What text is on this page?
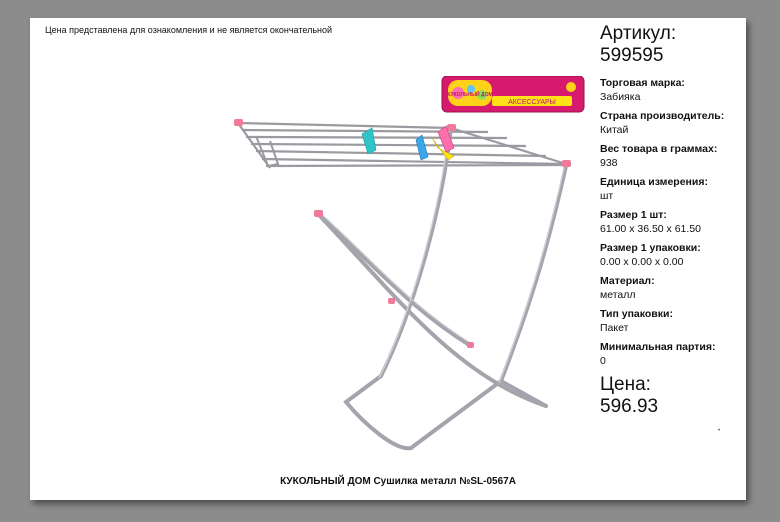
Цена представлена для ознакомления и не является окончательной
АКСЕССУАРЫ
КУКОЛЬНЫЙ ДОМ
Артикул:
599595
Торговая марка:
Забияка
Страна производитель:
Китай
Вес товара в граммах:
938
Единица измерения:
шт
Размер 1 шт:
61.00 x 36.50 x 61.50
Размер 1 упаковки:
0.00 x 0.00 x 0.00
Материал:
металл
Тип упаковки:
Пакет
Минимальная партия:
0
Цена:
596.93
•
КУКОЛЬНЫЙ ДОМ Сушилка металл №SL-0567A
